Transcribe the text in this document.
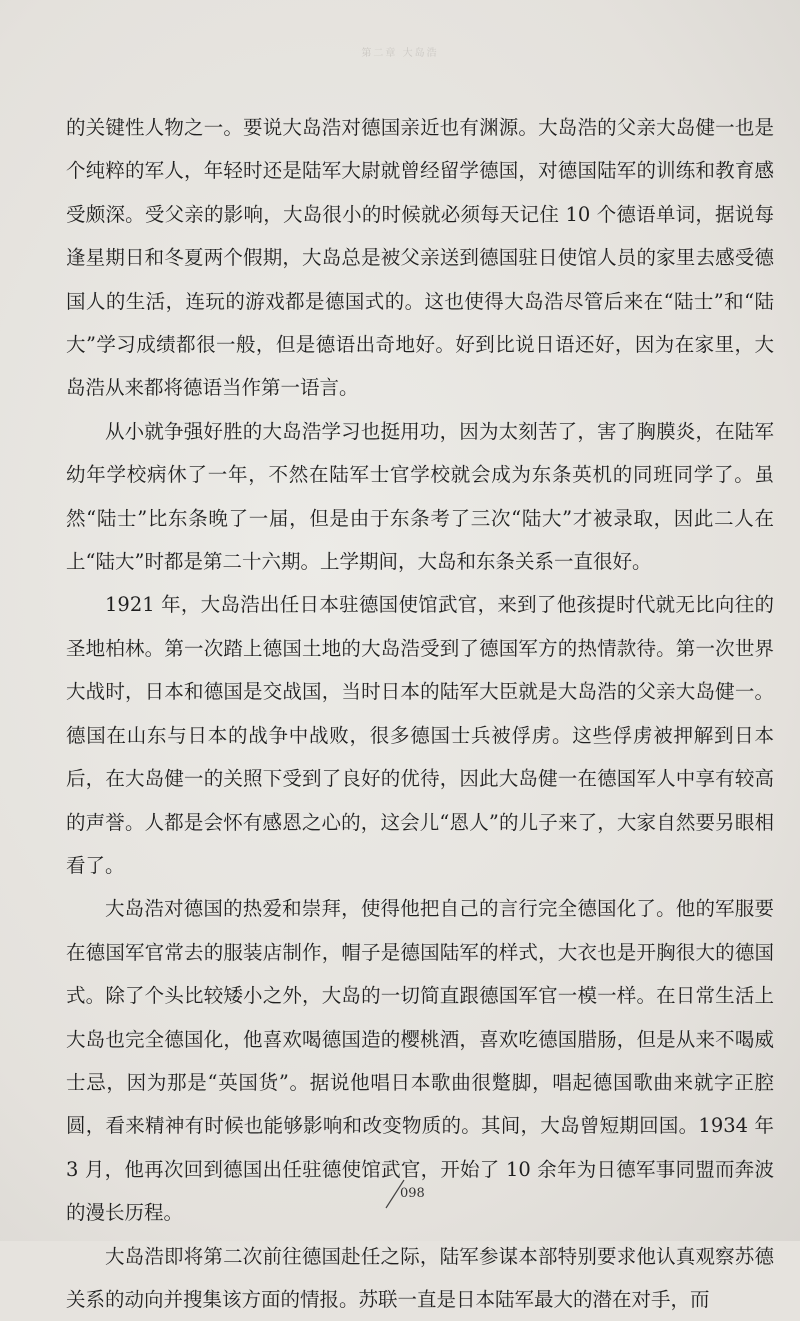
第二章 大岛浩

的关键性人物之一。要说大岛浩对德国亲近也有渊源。大岛浩的父亲大岛健一也是个纯粹的军人，年轻时还是陆军大尉就曾经留学德国，对德国陆军的训练和教育感受颇深。受父亲的影响，大岛很小的时候就必须每天记住 10 个德语单词，据说每逢星期日和冬夏两个假期，大岛总是被父亲送到德国驻日使馆人员的家里去感受德国人的生活，连玩的游戏都是德国式的。这也使得大岛浩尽管后来在“陆士”和“陆大”学习成绩都很一般，但是德语出奇地好。好到比说日语还好，因为在家里，大岛浩从来都将德语当作第一语言。

从小就争强好胜的大岛浩学习也挺用功，因为太刻苦了，害了胸膜炎，在陆军幼年学校病休了一年，不然在陆军士官学校就会成为东条英机的同班同学了。虽然“陆士”比东条晚了一届，但是由于东条考了三次“陆大”才被录取，因此二人在上“陆大”时都是第二十六期。上学期间，大岛和东条关系一直很好。

1921 年，大岛浩出任日本驻德国使馆武官，来到了他孩提时代就无比向往的圣地柏林。第一次踏上德国土地的大岛浩受到了德国军方的热情款待。第一次世界大战时，日本和德国是交战国，当时日本的陆军大臣就是大岛浩的父亲大岛健一。德国在山东与日本的战争中战败，很多德国士兵被俘虏。这些俘虏被押解到日本后，在大岛健一的关照下受到了良好的优待，因此大岛健一在德国军人中享有较高的声誉。人都是会怀有感恩之心的，这会儿“恩人”的儿子来了，大家自然要另眼相看了。

大岛浩对德国的热爱和崇拜，使得他把自己的言行完全德国化了。他的军服要在德国军官常去的服装店制作，帽子是德国陆军的样式，大衣也是开胸很大的德国式。除了个头比较矮小之外，大岛的一切简直跟德国军官一模一样。在日常生活上大岛也完全德国化，他喜欢喝德国造的樱桃酒，喜欢吃德国腊肠，但是从来不喝威士忌，因为那是“英国货”。据说他唱日本歌曲很蹩脚，唱起德国歌曲来就字正腔圆，看来精神有时候也能够影响和改变物质的。其间，大岛曾短期回国。1934 年 3 月，他再次回到德国出任驻德使馆武官，开始了 10 余年为日德军事同盟而奔波的漫长历程。

大岛浩即将第二次前往德国赴任之际，陆军参谋本部特别要求他认真观察苏德关系的动向并搜集该方面的情报。苏联一直是日本陆军最大的潜在对手，而

098
